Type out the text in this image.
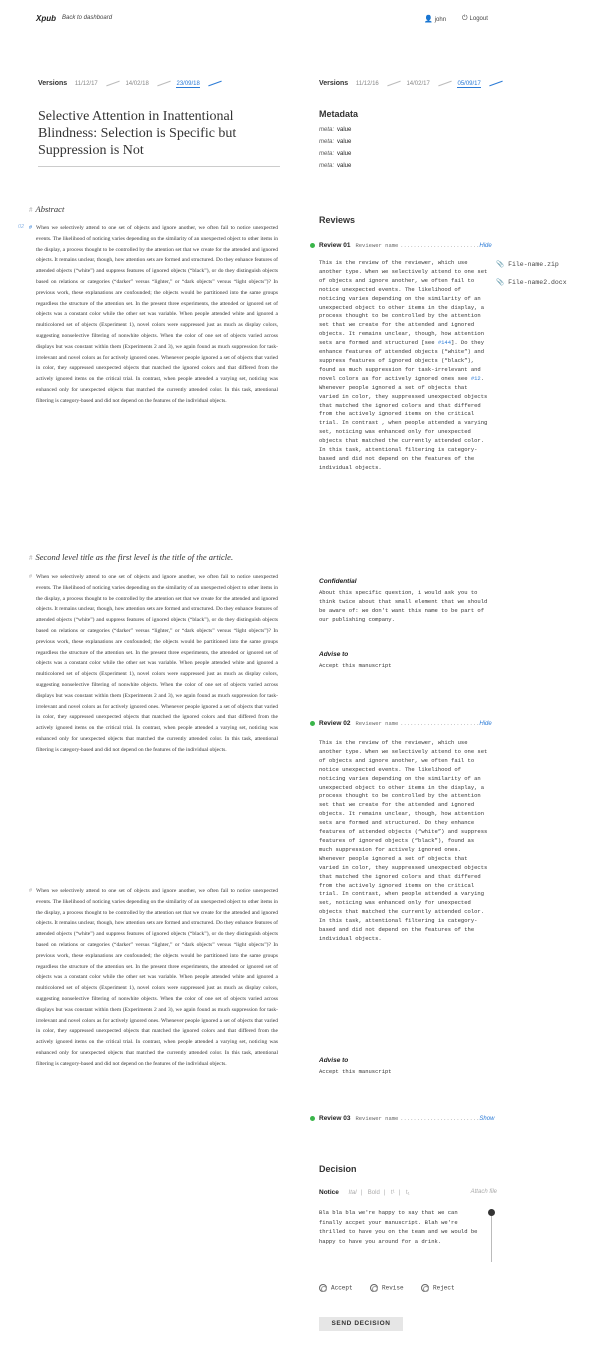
Xpub Back to dashboard	👤 john ⏻ Logout
Versions 11/12/17	14/02/18	23/09/18	Versions 11/12/16	14/02/17	05/09/17
Selective Attention in Inattentional Blindness: Selection is Specific but Suppression is Not
# Abstract
02 # When we selectively attend to one set of objects and ignore another, we often fail to notice unexpected events. The likelihood of noticing varies depending on the similarity of an unexpected object to other items in the display, a process thought to be controlled by the attention set that we create for the attended and ignored objects. It remains unclear, though, how attention sets are formed and structured. Do they enhance features of attended objects (“white”) and suppress features of ignored objects (“black”), or do they distinguish objects based on relations or categories (“darker” versus “lighter,” or “dark objects” versus “light objects”)? In previous work, these explanations are confounded; the objects would be partitioned into the same groups regardless the structure of the attention set. In the present three experiments, the attended or ignored set of objects was a constant color while the other set was variable. When people attended white and ignored a multicolored set of objects (Experiment 1), novel colors were suppressed just as much as display colors, suggesting nonselective filtering of nonwhite objects. When the color of one set of objects varied across displays but was constant within them (Experiments 2 and 3), we again found as much suppression for task-irrelevant and novel colors as for actively ignored ones. Whenever people ignored a set of objects that varied in color, they suppressed unexpected objects that matched the ignored colors and that differed from the actively ignored items on the critical trial. In contrast, when people attended a varying set, noticing was enhanced only for unexpected objects that matched the currently attended color. In this task, attentional filtering is category-based and did not depend on the features of the individual objects.
# Second level title as the first level is the title of the article.
# When we selectively attend to one set of objects and ignore another, we often fail to notice unexpected events. The likelihood of noticing varies depending on the similarity of an unexpected object to other items in the display, a process thought to be controlled by the attention set that we create for the attended and ignored objects. It remains unclear, though, how attention sets are formed and structured. Do they enhance features of attended objects (“white”) and suppress features of ignored objects (“black”), or do they distinguish objects based on relations or categories (“darker” versus “lighter,” or “dark objects” versus “light objects”)? In previous work, these explanations are confounded; the objects would be partitioned into the same groups regardless the structure of the attention set. In the present three experiments, the attended or ignored set of objects was a constant color while the other set was variable. When people attended white and ignored a multicolored set of objects (Experiment 1), novel colors were suppressed just as much as display colors, suggesting nonselective filtering of nonwhite objects. When the color of one set of objects varied across displays but was constant within them (Experiments 2 and 3), we again found as much suppression for task-irrelevant and novel colors as for actively ignored ones. Whenever people ignored a set of objects that varied in color, they suppressed unexpected objects that matched the ignored colors and that differed from the actively ignored items on the critical trial. In contrast, when people attended a varying set, noticing was enhanced only for unexpected objects that matched the currently attended color. In this task, attentional filtering is category-based and did not depend on the features of the individual objects.
# When we selectively attend to one set of objects and ignore another, we often fail to notice unexpected events. The likelihood of noticing varies depending on the similarity of an unexpected object to other items in the display, a process thought to be controlled by the attention set that we create for the attended and ignored objects. It remains unclear, though, how attention sets are formed and structured. Do they enhance features of attended objects (“white”) and suppress features of ignored objects (“black”), or do they distinguish objects based on relations or categories (“darker” versus “lighter,” or “dark objects” versus “light objects”)? In previous work, these explanations are confounded; the objects would be partitioned into the same groups regardless the structure of the attention set. In the present three experiments, the attended or ignored set of objects was a constant color while the other set was variable. When people attended white and ignored a multicolored set of objects (Experiment 1), novel colors were suppressed just as much as display colors, suggesting nonselective filtering of nonwhite objects. When the color of one set of objects varied across displays but was constant within them (Experiments 2 and 3), we again found as much suppression for task-irrelevant and novel colors as for actively ignored ones. Whenever people ignored a set of objects that varied in color, they suppressed unexpected objects that matched the ignored colors and that differed from the actively ignored items on the critical trial. In contrast, when people attended a varying set, noticing was enhanced only for unexpected objects that matched the currently attended color. In this task, attentional filtering is category-based and did not depend on the features of the individual objects.
Metadata
meta: value
meta: value
meta: value
meta: value
Reviews
Review 01 Reviewer name ........................Hide
This is the review of the reviewer, which use another type. When we selectively attend to one set of objects and ignore another, we often fail to notice unexpected events. The likelihood of noticing varies depending on the similarity of an unexpected object to other items in the display, a process thought to be controlled by the attention set that we create for the attended and ignored objects. It remains unclear, though, how attention sets are formed and structured [see #144]. Do they enhance features of attended objects (“white”) and suppress features of ignored objects (“black”), found as much suppression for task-irrelevant and novel colors as for actively ignored ones see #12. Whenever people ignored a set of objects that varied in color, they suppressed unexpected objects that matched the ignored colors and that differed from the actively ignored items on the critical trial. In contrast , when people attended a varying set, noticing was enhanced only for unexpected objects that matched the currently attended color. In this task, attentional filtering is category-based and did not depend on the features of the individual objects.
📎 File-name.zip
📎 File-name2.docx
Confidential
About this specific question, i would ask you to think twice about that small element that we should be aware of: we don't want this name to be part of our publishing company.
Advise to
Accept this manuscript
Review 02 Reviewer name ........................Hide
This is the review of the reviewer, which use another type. When we selectively attend to one set of objects and ignore another, we often fail to notice unexpected events. The likelihood of noticing varies depending on the similarity of an unexpected object to other items in the display, a process thought to be controlled by the attention set that we create for the attended and ignored objects. It remains unclear, though, how attention sets are formed and structured. Do they enhance features of attended objects (“white”) and suppress features of ignored objects (“black”), found as much suppression for actively ignored ones. Whenever people ignored a set of objects that varied in color, they suppressed unexpected objects that matched the ignored colors and that differed from the actively ignored items on the critical trial. In contrast, when people attended a varying set, noticing was enhanced only for unexpected objects that matched the currently attended color. In this task, attentional filtering is category-based and did not depend on the features of the individual objects.
Advise to
Accept this manuscript
Review 03 Reviewer name ........................Show
Decision
Notice Ital | Bold | t¹ | t₁	Attach file
Bla bla bla we're happy to say that we can finally accpet your manuscript. Blah we're thrilled to have you on the team and we would be happy to have you around for a drink.
Accept	Revise	Reject
SEND DECISION
